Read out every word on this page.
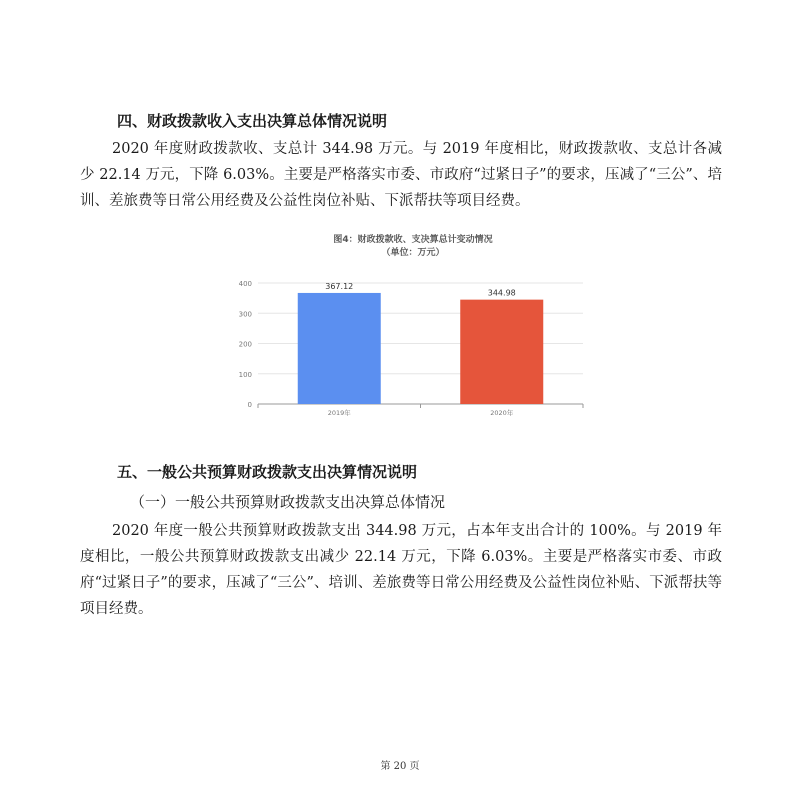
四、财政拨款收入支出决算总体情况说明
2020 年度财政拨款收、支总计 344.98 万元。与 2019 年度相比，财政拨款收、支总计各减少 22.14 万元，下降 6.03%。主要是严格落实市委、市政府“过紧日子”的要求，压减了“三公”、培训、差旅费等日常公用经费及公益性岗位补贴、下派帮扶等项目经费。
图4：财政拨款收、支决算总计变动情况
（单位：万元）
0
100
200
300
400	367.12
2019年
344.98
2020年
五、一般公共预算财政拨款支出决算情况说明
（一）一般公共预算财政拨款支出决算总体情况
2020 年度一般公共预算财政拨款支出 344.98 万元，占本年支出合计的 100%。与 2019 年度相比，一般公共预算财政拨款支出减少 22.14 万元，下降 6.03%。主要是严格落实市委、市政府“过紧日子”的要求，压减了“三公”、培训、差旅费等日常公用经费及公益性岗位补贴、下派帮扶等项目经费。
第 20 页
